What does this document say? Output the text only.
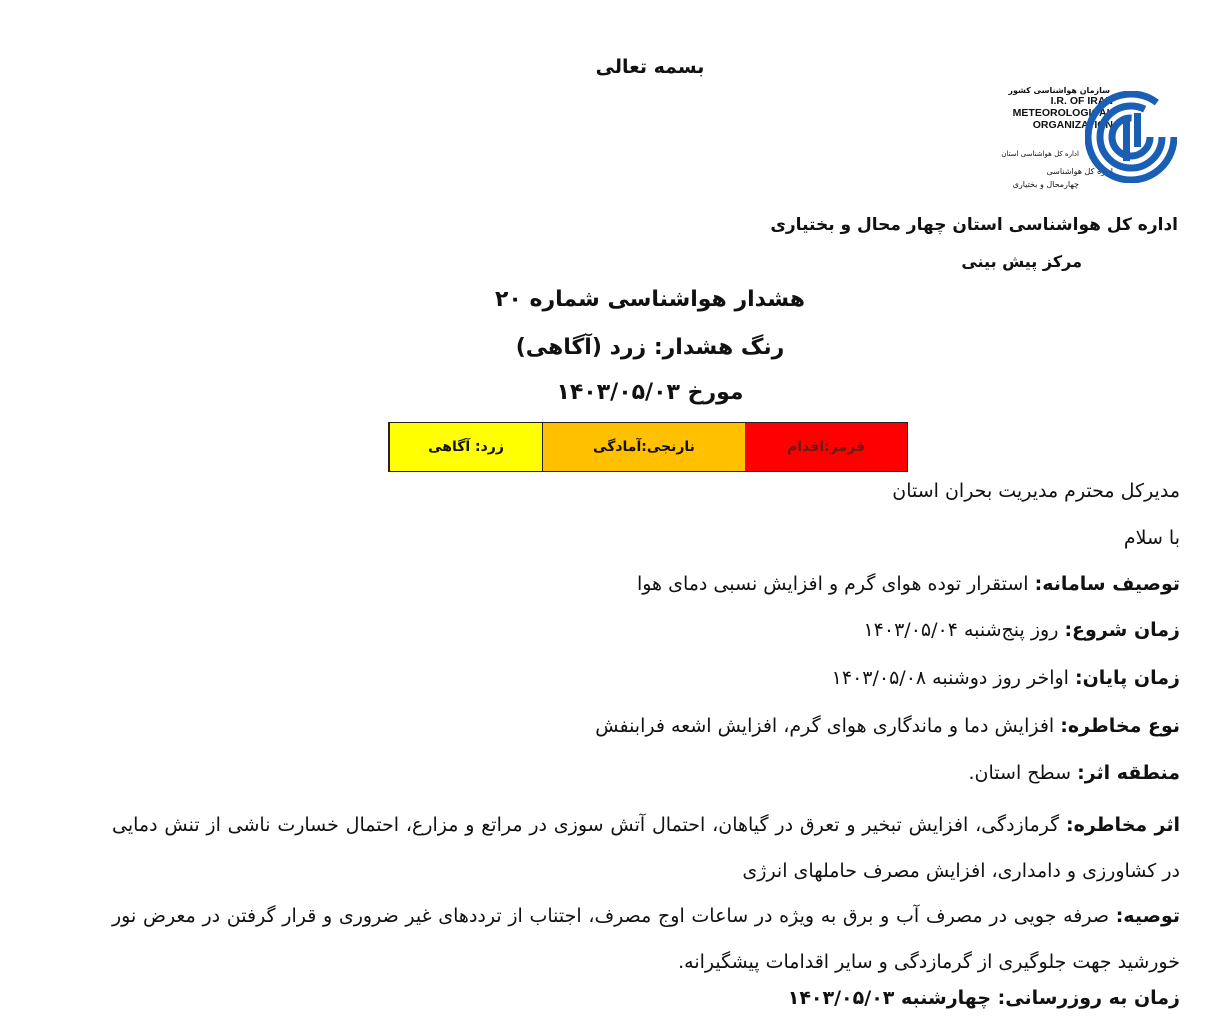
بسمه تعالی
سازمان هواشناسی کشور
I.R. OF IRAN
METEOROLOGICAL
ORGANIZATION
اداره کل هواشناسی استان
اداره کل هواشناسی
چهارمحال و بختیاری
اداره کل هواشناسی استان چهار محال و بختیاری
مرکز پیش بینی
هشدار هواشناسی شماره ۲۰
رنگ هشدار: زرد (آگاهی)
مورخ ۱۴۰۳/۰۵/۰۳
زرد: آگاهی	نارنجی:آمادگی	قرمز:اقدام
مدیرکل محترم مدیریت بحران استان
با سلام
توصیف سامانه: استقرار توده هوای گرم و افزایش نسبی دمای هوا
زمان شروع: روز پنج‌شنبه ۱۴۰۳/۰۵/۰۴
زمان پایان: اواخر روز دوشنبه ۱۴۰۳/۰۵/۰۸
نوع مخاطره: افزایش دما و ماندگاری هوای گرم، افزایش اشعه فرابنفش
منطقه اثر: سطح استان.
اثر مخاطره: گرمازدگی، افزایش تبخیر و تعرق در گیاهان، احتمال آتش سوزی در مراتع و مزارع، احتمال خسارت ناشی از تنش دمایی در کشاورزی و دامداری، افزایش مصرف حاملهای انرژی
توصیه: صرفه جویی در مصرف آب و برق به ویژه در ساعات اوج مصرف، اجتناب از ترددهای غیر ضروری و قرار گرفتن در معرض نور خورشید جهت جلوگیری از گرمازدگی و سایر اقدامات پیشگیرانه.
زمان به روزرسانی: چهارشنبه ۱۴۰۳/۰۵/۰۳
